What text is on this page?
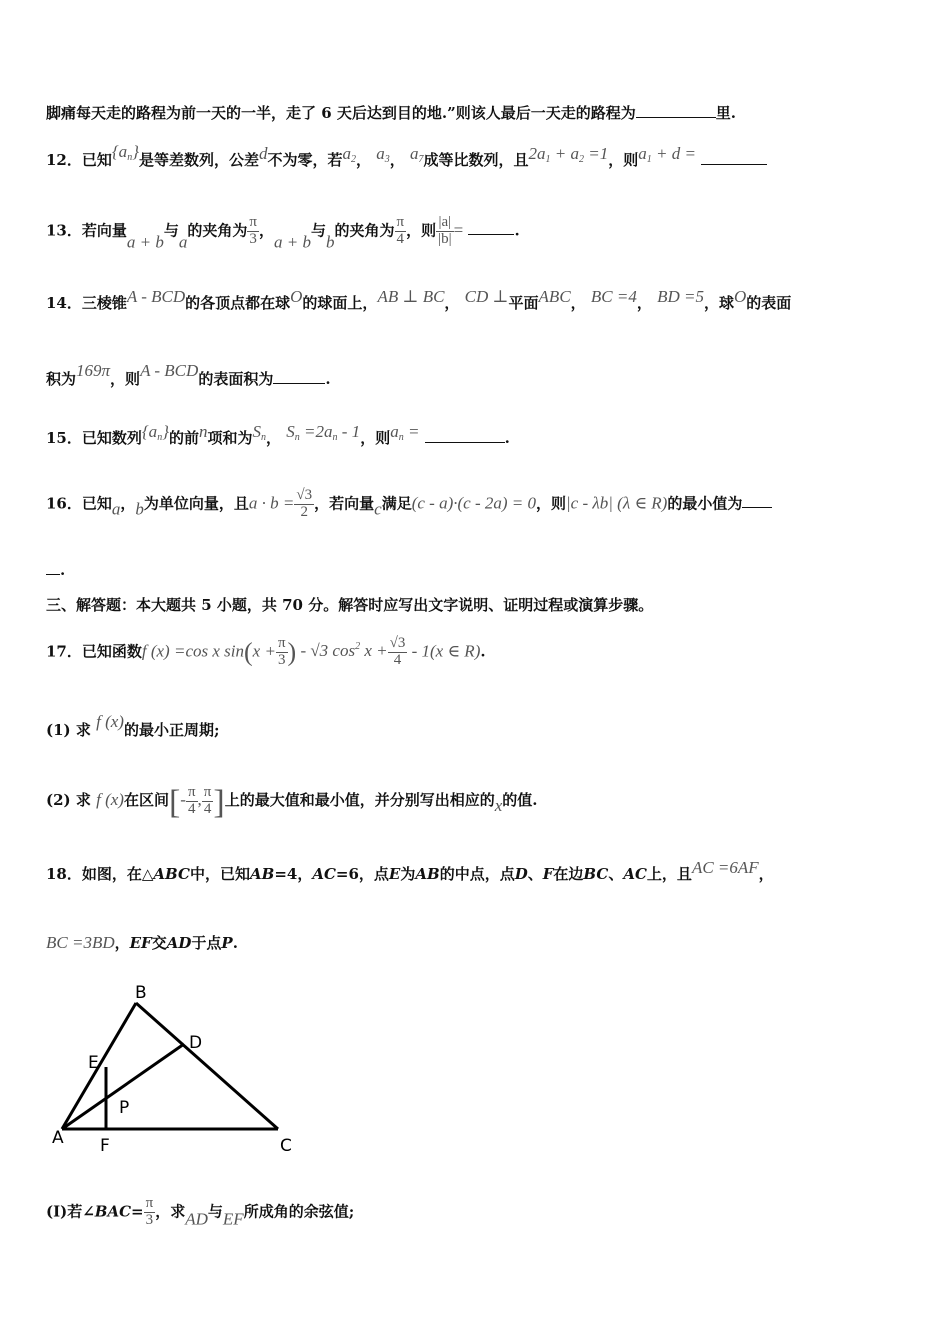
脚痛每天走的路程为前一天的一半，走了 6 天后达到目的地.”则该人最后一天走的路程为	里.
12．已知$\{a_n\}$是等差数列，公差d不为零，若$a_2$， $a_3$， $a_7$成等比数列，且$2a_1 + a_2 =1$，则$a_1 + d$ =
13．若向量a + b与a的夹角为 $\frac{\pi}{3}$ ，a + b与b的夹角为 $\frac{\pi}{4}$ ，则 $\frac{|a|}{|b|}$ =	.
14．三棱锥A - BCD的各顶点都在球O的球面上，AB ⊥ BC， CD ⊥平面ABC， BC =4， BD =5，球O的表面
积为169π，则A - BCD的表面积为	.
15．已知数列$\{a_n\}$的前n项和为$S_n$， $S_n =2a_n - 1$，则$a_n$ =	.
16．已知a，b为单位向量，且$a \cdot b = \frac{√3}{2}$ ，若向量c满足(c - a)·(c - 2a) = 0，则|c - λb| (λ ∈ R)的最小值为
.
三、解答题：本大题共 5 小题，共 70 分。解答时应写出文字说明、证明过程或演算步骤。
17．已知函数f (x) =cos x $\sin(x + \frac{\pi}{3}$ ) - √3 $\cos^2 x + \frac{√3}{4} - 1(x$ ∈ R).
(1) 求 f (x)的最小正周期;
(2) 求 f (x)在区间[- $\frac{\pi}{4}$ , $\frac{\pi}{4}$ ]上的最大值和最小值，并分别写出相应的x的值.
18．如图，在△ABC中，已知AB=4，AC=6，点E为AB的中点，点D、F在边BC、AC上，且AC =6AF，
BC =3BD，EF交AD于点P.
B
D
E
P
A F	C
(I)若∠BAC= $\frac{\pi}{3}$ ，求AD与EF所成角的余弦值;
